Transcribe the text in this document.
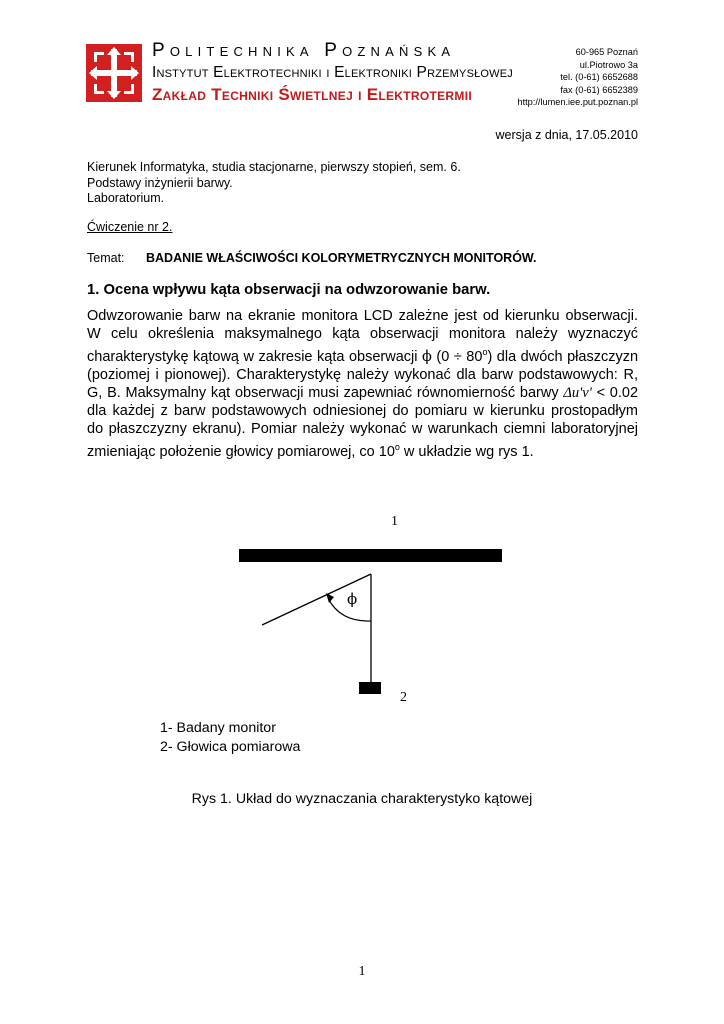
Politechnika Poznańska
Instytut Elektrotechniki i Elektroniki Przemysłowej
Zakład Techniki Świetlnej i Elektrotermii
60-965 Poznań
ul.Piotrowo 3a
tel. (0-61) 6652688
fax (0-61) 6652389
http://lumen.iee.put.poznan.pl
wersja z dnia, 17.05.2010
Kierunek Informatyka, studia stacjonarne, pierwszy stopień, sem. 6.
Podstawy inżynierii barwy.
Laboratorium.
Ćwiczenie nr 2.
Temat: BADANIE WŁAŚCIWOŚCI KOLORYMETRYCZNYCH MONITORÓW.
1. Ocena wpływu kąta obserwacji na odwzorowanie barw.
Odwzorowanie barw na ekranie monitora LCD zależne jest od kierunku obserwacji.
W celu określenia maksymalnego kąta obserwacji monitora należy wyznaczyć
charakterystykę kątową w zakresie kąta obserwacji ϕ $(0 \div 80^o)$ dla dwóch płaszczyzn
(poziomej i pionowej). Charakterystykę należy wykonać dla barw podstawowych: R,
G, B. Maksymalny kąt obserwacji musi zapewniać równomierność barwy Δu'v' < 0.02
dla każdej z barw podstawowych odniesionej do pomiaru w kierunku prostopadłym
do płaszczyzny ekranu). Pomiar należy wykonać w warunkach ciemni laboratoryjnej
zmieniając położenie głowicy pomiarowej, co 10$^o$ w układzie wg rys 1.
ϕ
1
2
1- Badany monitor
2- Głowica pomiarowa
Rys 1. Układ do wyznaczania charakterystyko kątowej
1
